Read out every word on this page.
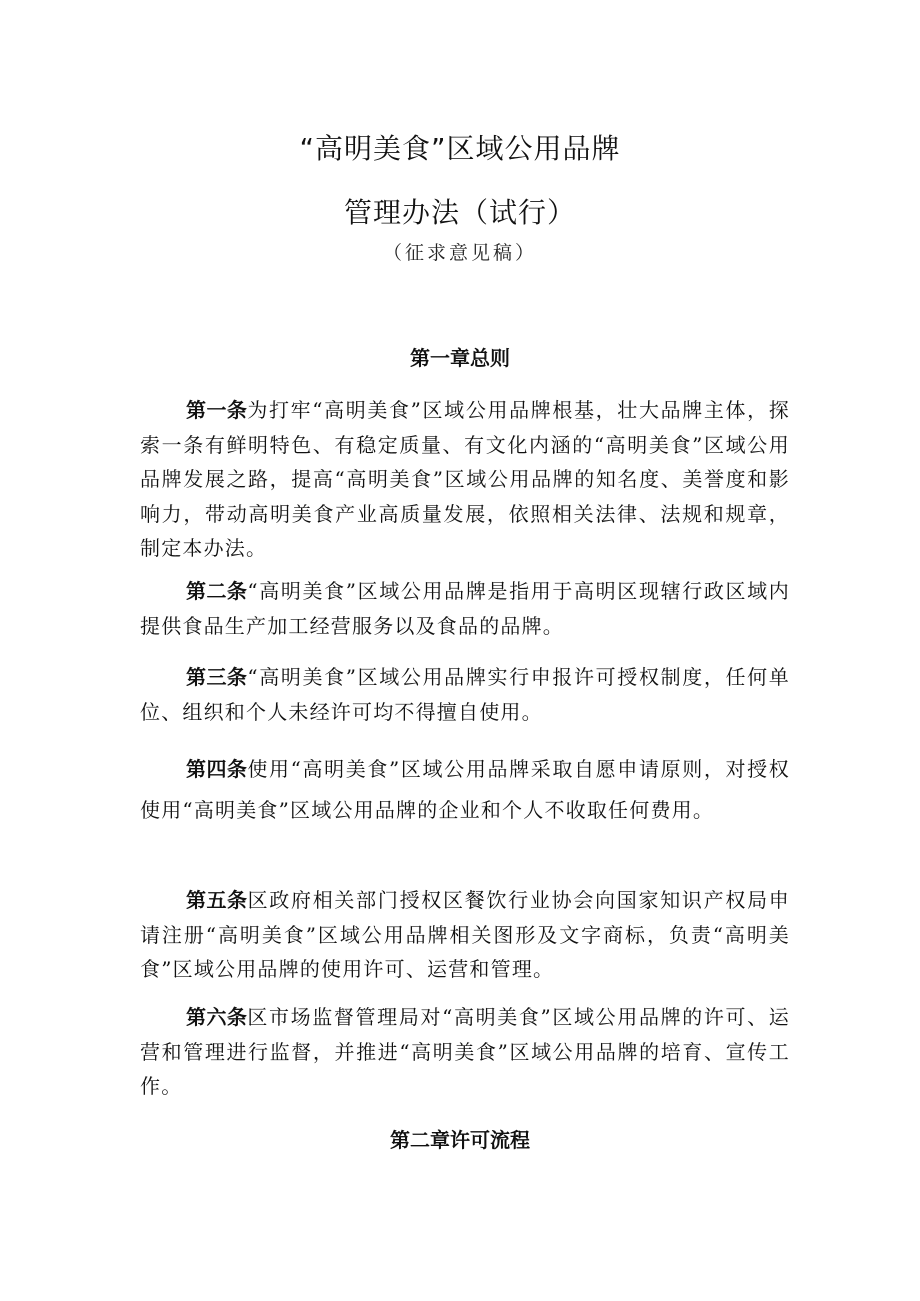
“高明美食”区域公用品牌
管理办法（试行）
（征求意见稿）
第一章总则

第一条为打牢“高明美食”区域公用品牌根基，壮大品牌主体，探索一条有鲜明特色、有稳定质量、有文化内涵的“高明美食”区域公用品牌发展之路，提高“高明美食”区域公用品牌的知名度、美誉度和影响力，带动高明美食产业高质量发展，依照相关法律、法规和规章，制定本办法。

第二条“高明美食”区域公用品牌是指用于高明区现辖行政区域内提供食品生产加工经营服务以及食品的品牌。

第三条“高明美食”区域公用品牌实行申报许可授权制度，任何单位、组织和个人未经许可均不得擅自使用。

第四条使用“高明美食”区域公用品牌采取自愿申请原则，对授权使用“高明美食”区域公用品牌的企业和个人不收取任何费用。

第五条区政府相关部门授权区餐饮行业协会向国家知识产权局申请注册“高明美食”区域公用品牌相关图形及文字商标，负责“高明美食”区域公用品牌的使用许可、运营和管理。

第六条区市场监督管理局对“高明美食”区域公用品牌的许可、运营和管理进行监督，并推进“高明美食”区域公用品牌的培育、宣传工作。

第二章许可流程
